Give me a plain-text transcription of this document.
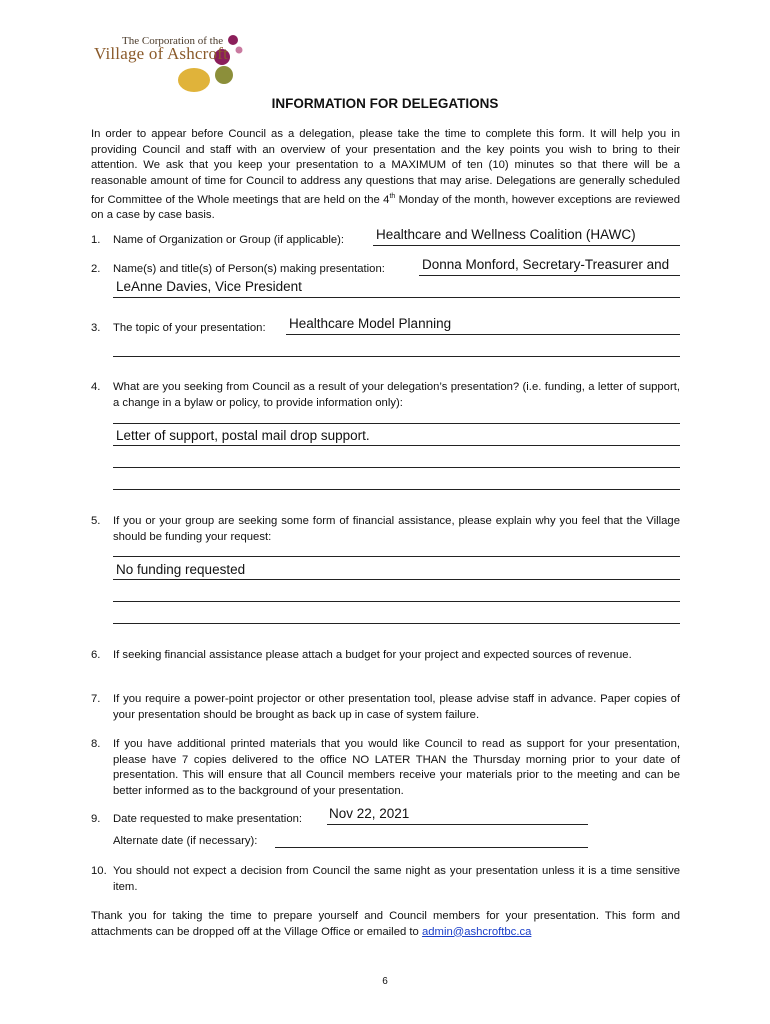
The Corporation of the
Village of Ashcroft
INFORMATION FOR DELEGATIONS
In order to appear before Council as a delegation, please take the time to complete this form. It will help you in providing Council and staff with an overview of your presentation and the key points you wish to bring to their attention. We ask that you keep your presentation to a MAXIMUM of ten (10) minutes so that there will be a reasonable amount of time for Council to address any questions that may arise. Delegations are generally scheduled for Committee of the Whole meetings that are held on the 4th Monday of the month, however exceptions are reviewed on a case by case basis.
1. Name of Organization or Group (if applicable): Healthcare and Wellness Coalition (HAWC)
2. Name(s) and title(s) of Person(s) making presentation:	Donna Monford, Secretary-Treasurer and
LeAnne Davies, Vice President
3. The topic of your presentation: Healthcare Model Planning
4. What are you seeking from Council as a result of your delegation’s presentation? (i.e. funding, a letter of support, a change in a bylaw or policy, to provide information only):
Letter of support, postal mail drop support.
5. If you or your group are seeking some form of financial assistance, please explain why you feel that the Village should be funding your request:
No funding requested
6. If seeking financial assistance please attach a budget for your project and expected sources of revenue.
7. If you require a power-point projector or other presentation tool, please advise staff in advance. Paper copies of your presentation should be brought as back up in case of system failure.
8. If you have additional printed materials that you would like Council to read as support for your presentation, please have 7 copies delivered to the office NO LATER THAN the Thursday morning prior to your date of presentation. This will ensure that all Council members receive your materials prior to the meeting and can be better informed as to the background of your presentation.
9. Date requested to make presentation: Nov 22, 2021
Alternate date (if necessary):
10. You should not expect a decision from Council the same night as your presentation unless it is a time sensitive item.
Thank you for taking the time to prepare yourself and Council members for your presentation. This form and attachments can be dropped off at the Village Office or emailed to admin@ashcroftbc.ca
6
